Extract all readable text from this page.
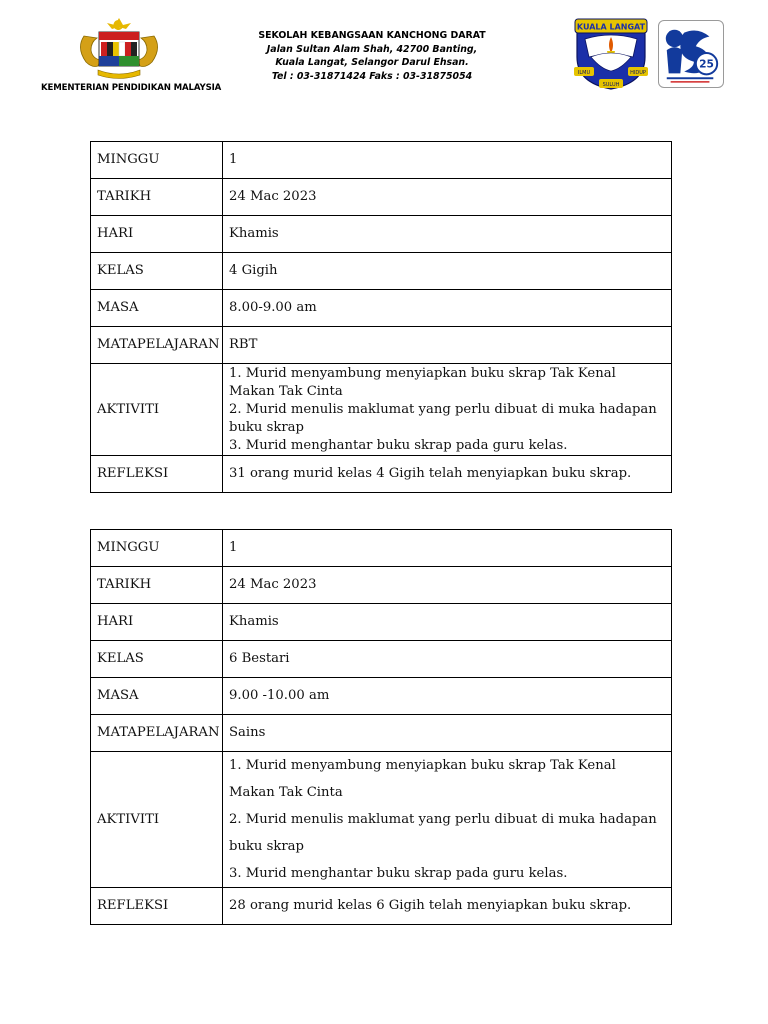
KEMENTERIAN PENDIDIKAN MALAYSIA
SEKOLAH KEBANGSAAN KANCHONG DARAT
Jalan Sultan Alam Shah, 42700 Banting,
Kuala Langat, Selangor Darul Ehsan.
Tel : 03-31871424 Faks : 03-31875054
KUALA LANGAT
ILMU	HIDUP
SULUH
25
MINGGU	1
TARIKH	24 Mac 2023
HARI	Khamis
KELAS	4 Gigih
MASA	8.00-9.00 am
MATAPELAJARAN	RBT
AKTIVITI	1. Murid menyambung menyiapkan buku skrap Tak Kenal Makan Tak Cinta
2. Murid menulis maklumat yang perlu dibuat di muka hadapan buku skrap
3. Murid menghantar buku skrap pada guru kelas.

REFLEKSI	31 orang murid kelas 4 Gigih telah menyiapkan buku skrap.
MINGGU	1
TARIKH	24 Mac 2023
HARI	Khamis
KELAS	6 Bestari
MASA	9.00 -10.00 am
MATAPELAJARAN	Sains
AKTIVITI	1. Murid menyambung menyiapkan buku skrap Tak Kenal Makan Tak Cinta
2. Murid menulis maklumat yang perlu dibuat di muka hadapan buku skrap
3. Murid menghantar buku skrap pada guru kelas.

REFLEKSI	28 orang murid kelas 6 Gigih telah menyiapkan buku skrap.
